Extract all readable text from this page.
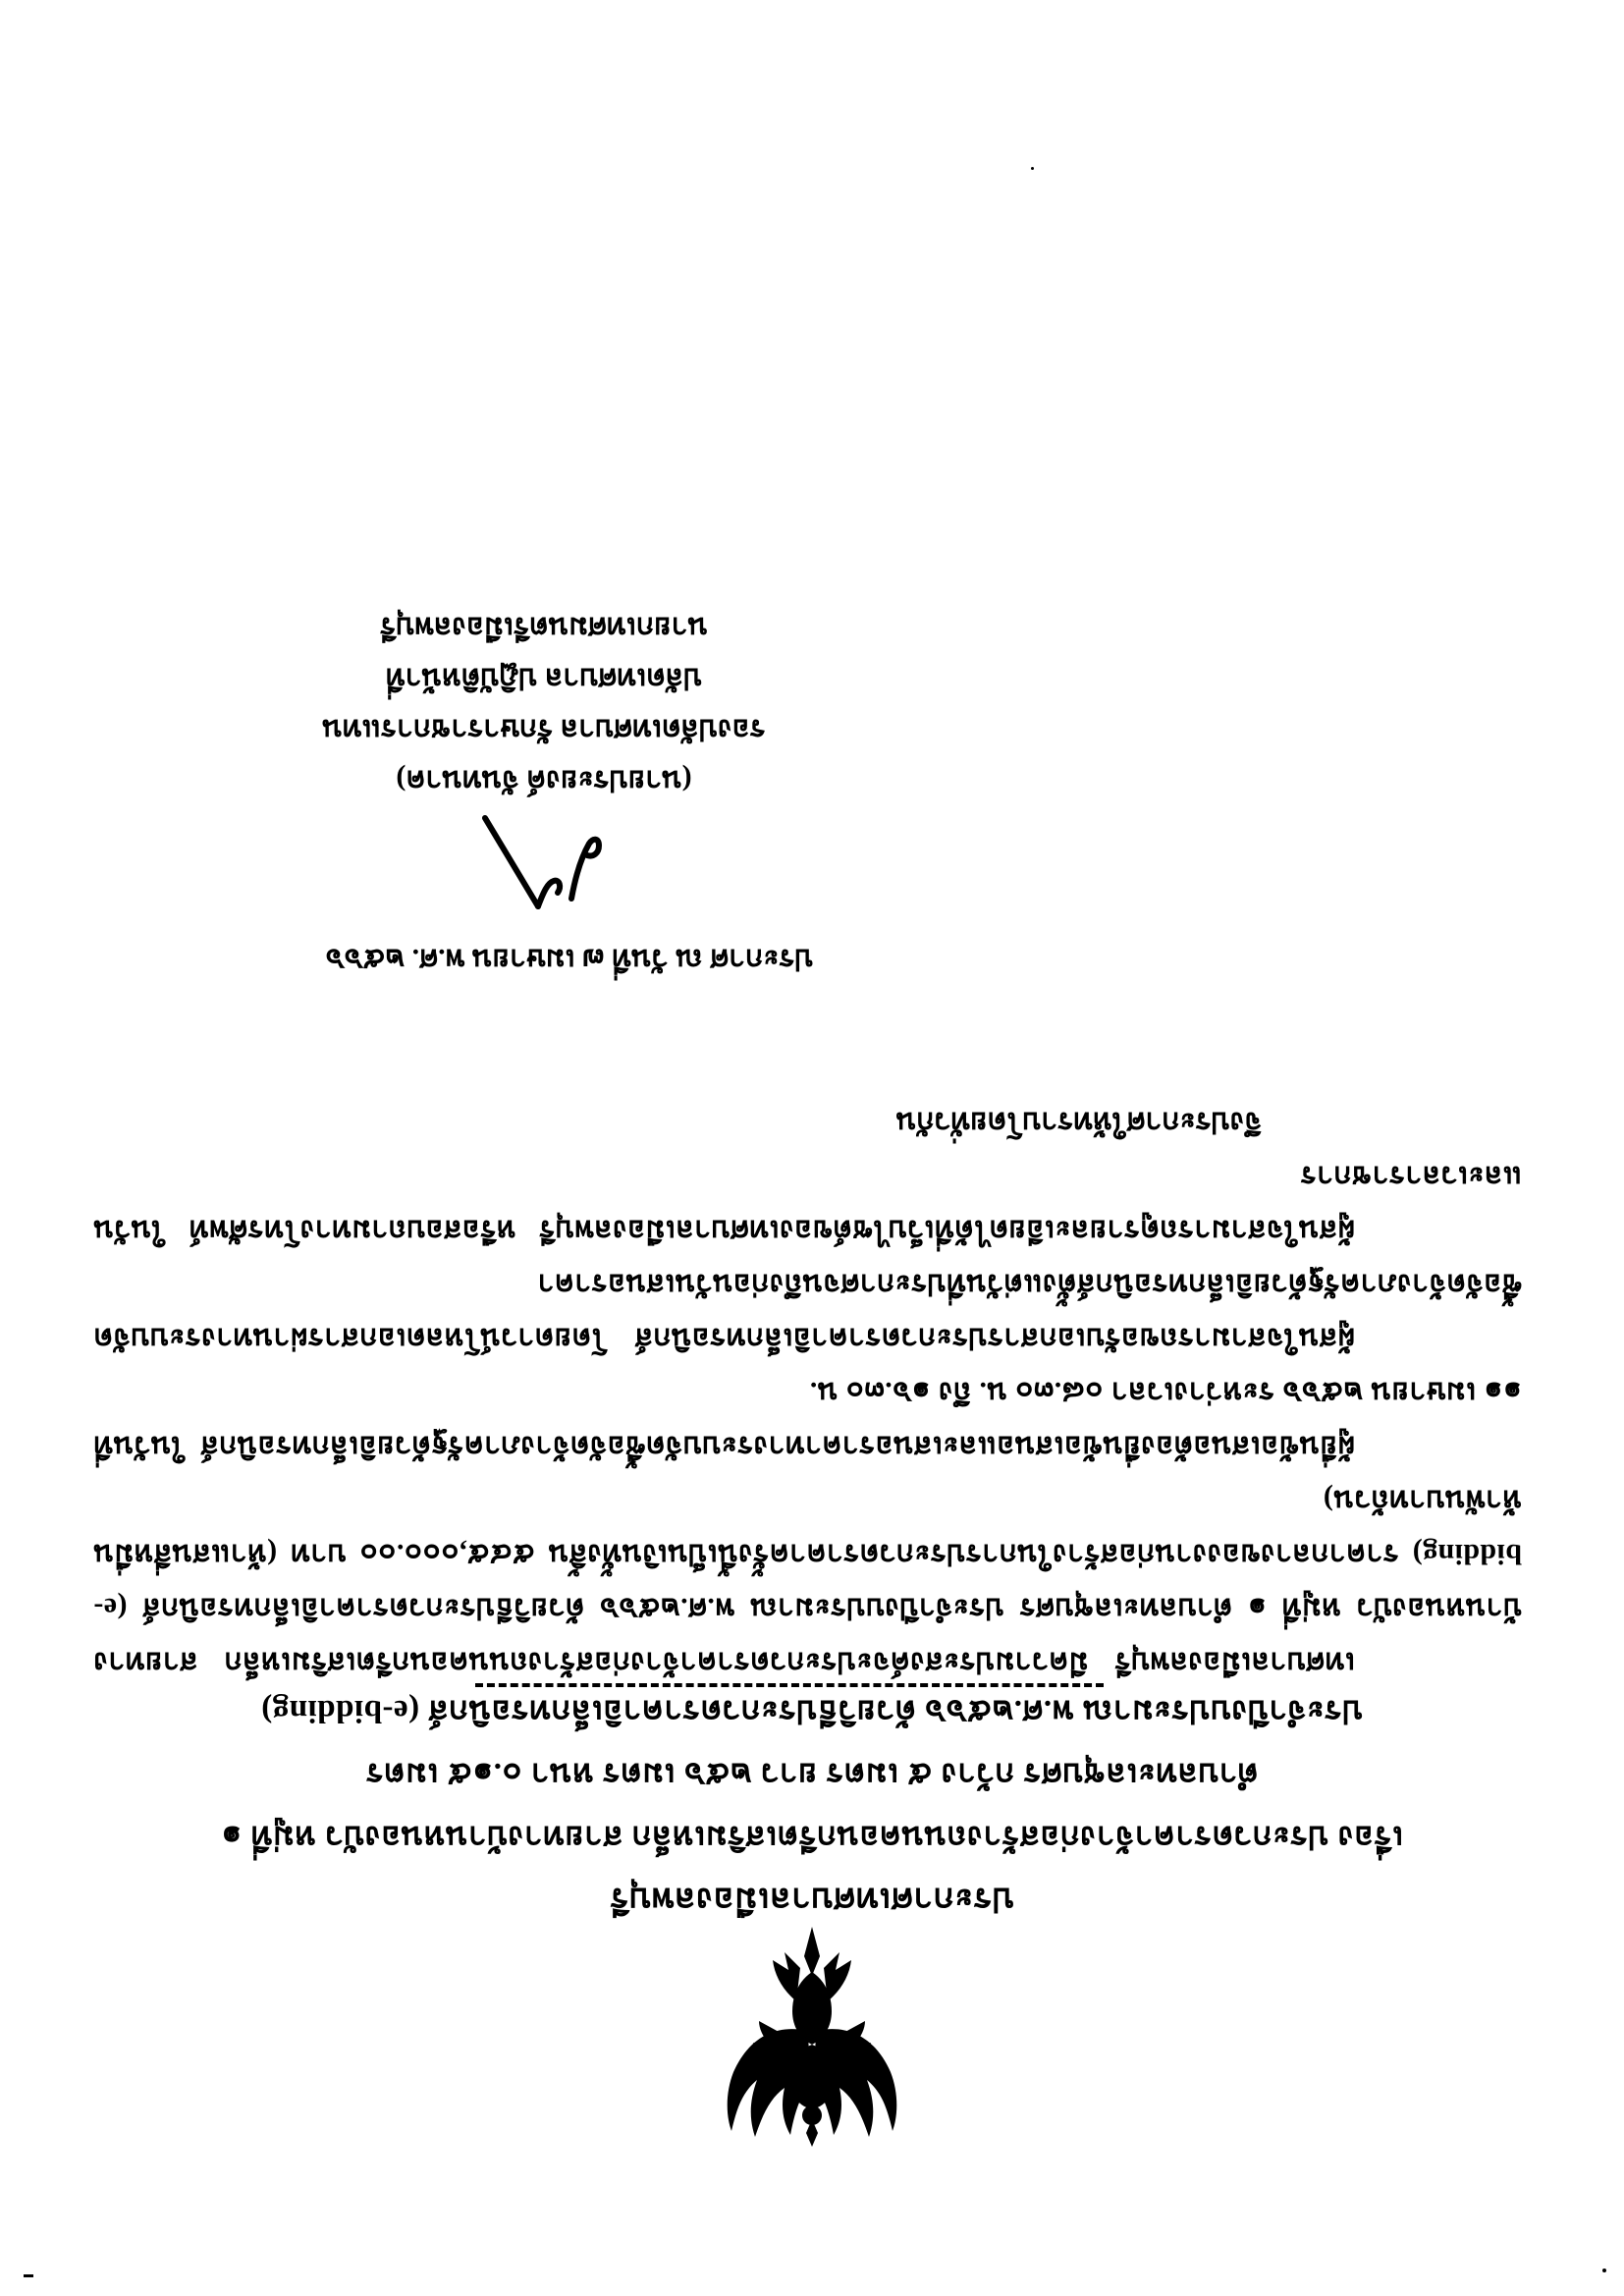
ประกาศเทศบาลเมืองลพบุรี
เรื่อง ประกวดราคาจ้างก่อสร้างถนนคอนกรีตเสริมเหล็ก สายทางบ้านหนองบัว หมู่ที่ ๑
ตำบลทะเลชุบศร กว้าง ๕ เมตร ยาว ๒๕๖ เมตร หนา ๐.๑๕ เมตร
ประจำปีงบประมาณ พ.ศ.๒๕๖๖ ด้วยวิธีประกวดราคาอิเล็กทรอนิกส์ (e-bidding)

เทศบาลเมืองลพบุรี มีความประสงค์จะประกวดราคาจ้างก่อสร้างถนนคอนกรีตเสริมเหล็ก สายทางบ้านหนองบัว หมู่ที่ ๑ ตำบลทะเลชุบศร ประจำปีงบประมาณ พ.ศ.๒๕๖๖ ด้วยวิธีประกวดราคาอิเล็กทรอนิกส์ (e-bidding) ราคากลางของงานก่อสร้างในการประกวดราคาครั้งนี้เป็นเงินทั้งสิ้น ๕๔๕,๐๐๐.๐๐ บาท (ห้าแสนสี่หมื่นห้าพันบาทถ้วน)

ผู้ยื่นข้อเสนอต้องยื่นข้อเสนอและเสนอราคาทางระบบจัดซื้อจัดจ้างภาครัฐด้วยอิเล็กทรอนิกส์ ในวันที่ ๑๑ เมษายน ๒๕๖๖ ระหว่างเวลา ๐๘.๓๐ น. ถึง ๑๖.๓๐ น.

ผู้สนใจสามารถขอรับเอกสารประกวดราคาอิเล็กทรอนิกส์ โดยดาวน์โหลดเอกสารผ่านทางระบบจัดซื้อจัดจ้างภาครัฐด้วยอิเล็กทรอนิกส์ตั้งแต่วันที่ประกาศจนถึงก่อนวันเสนอราคา

ผู้สนใจสามารถดูรายละเอียดได้ที่เว็บไซต์ของเทศบาลเมืองลพบุรี หรือสอบถามทางโทรศัพท์ ในวันและเวลาราชการ

จึงประกาศให้ทราบโดยทั่วกัน

ประกาศ ณ วันที่ ๗ เมษายน พ.ศ. ๒๕๖๖
(นายประยงค์ จันทนาค)
รองปลัดเทศบาล รักษาราชการแทน
ปลัดเทศบาล ปฏิบัติหน้าที่
นายกเทศมนตรีเมืองลพบุรี
